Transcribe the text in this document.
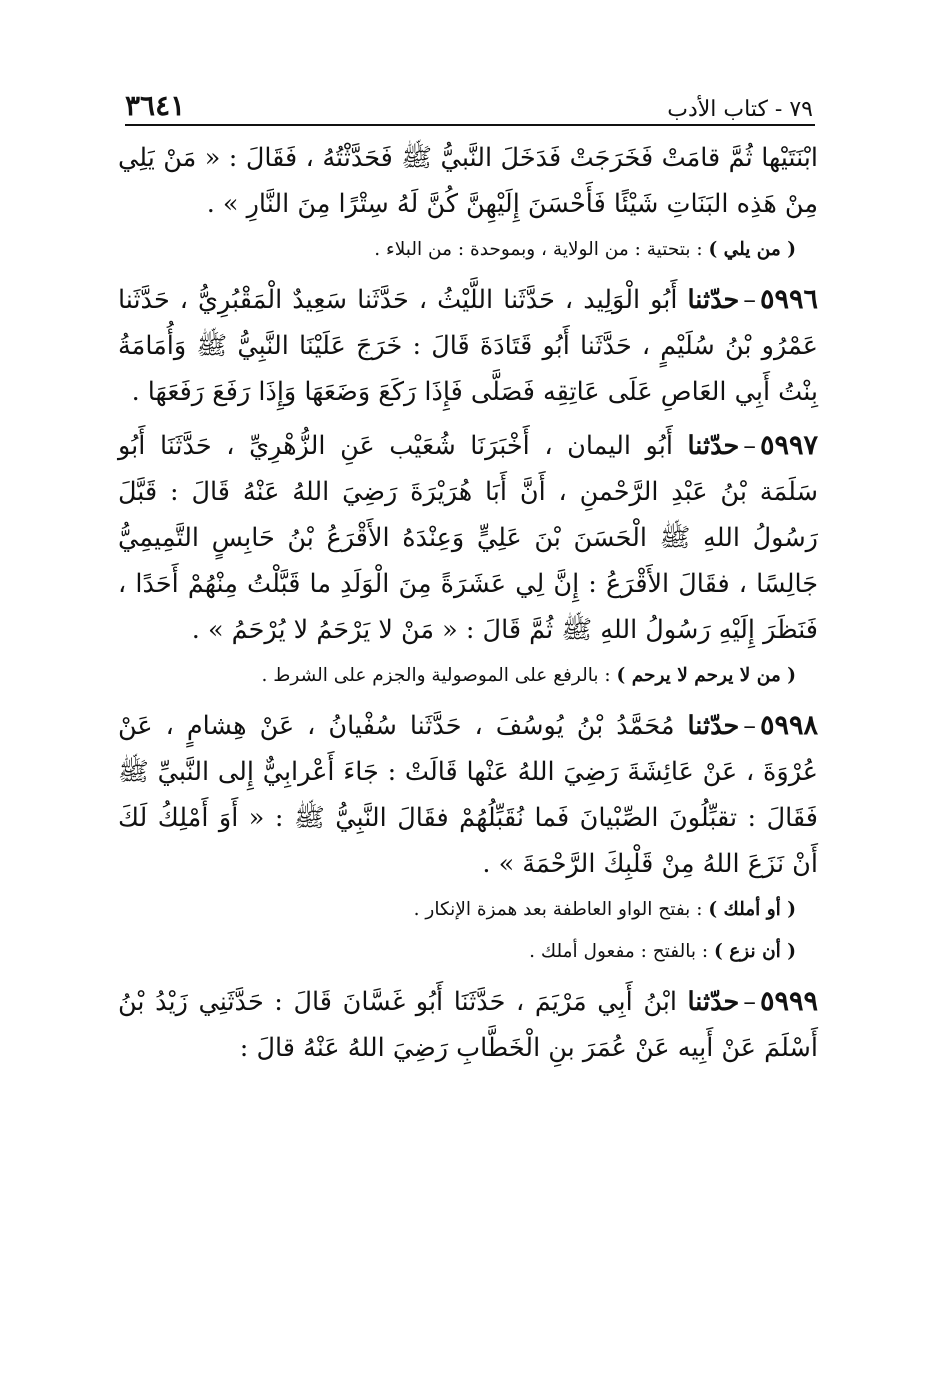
٣٦٤١	٧٩ - كتاب الأدب

ابْنَتَيْها ثُمَّ قامَتْ فَخَرَجَتْ فَدَخَلَ النَّبيُّ ﷺ فَحَدَّثْتُهُ ، فَقَالَ : « مَنْ يَلِي مِنْ هَذِه البَنَاتِ شَيْئًا فَأَحْسَنَ إِلَيْهِنَّ كُنَّ لَهُ سِتْرًا مِنَ النَّارِ » .

( من يلي ) : بتحتية : من الولاية ، وبموحدة : من البلاء .

٥٩٩٦–حدّثنا أَبُو الْوَلِيد ، حَدَّثَنا اللَّيْثُ ، حَدَّثَنا سَعِيدٌ الْمَقْبُرِيُّ ، حَدَّثَنا عَمْرُو بْنُ سُلَيْمٍ ، حَدَّثَنا أَبُو قَتَادَةَ قَالَ : خَرَجَ عَلَيْنَا النَّبِيُّ ﷺ وَأُمَامَةُ بِنْتُ أَبِي العَاصِ عَلَى عَاتِقِه فَصَلَّى فَإِذَا رَكَعَ وَضَعَهَا وَإِذَا رَفَعَ رَفَعَهَا .

٥٩٩٧–حدّثنا أَبُو اليمان ، أَخْبَرَنَا شُعَيْب عَنِ الزُّهْرِيِّ ، حَدَّثَنَا أَبُو سَلَمَة بْنُ عَبْدِ الرَّحْمنِ ، أَنَّ أَبَا هُرَيْرَةَ رَضِيَ اللهُ عَنْهُ قَالَ : قَبَّلَ رَسُولُ اللهِ ﷺ الْحَسَنَ بْنَ عَلِيٍّ وَعِنْدَهُ الأَقْرَعُ بْنُ حَابِسٍ التَّمِيمِيُّ جَالِسًا ، فقَالَ الأَقْرَعُ : إِنَّ لِي عَشَرَةً مِنَ الْوَلَدِ ما قَبَّلْتُ مِنْهُمْ أَحَدًا ، فَنَظَرَ إِلَيْهِ رَسُولُ اللهِ ﷺ ثُمَّ قَالَ : « مَنْ لا يَرْحَمُ لا يُرْحَمُ » .

( من لا يرحم لا يرحم ) : بالرفع على الموصولية والجزم على الشرط .

٥٩٩٨–حدّثنا مُحَمَّدُ بْنُ يُوسُفَ ، حَدَّثَنا سُفْيانُ ، عَنْ هِشامٍ ، عَنْ عُرْوَةَ ، عَنْ عَائِشَةَ رَضِيَ اللهُ عَنْها قَالَتْ : جَاءَ أَعْرابِيٌّ إِلى النَّبيِّ ﷺ فَقَالَ : تقبِّلُونَ الصِّبْيانَ فَما نُقَبِّلُهُمْ فقَالَ النَّبِيُّ ﷺ : « أَوَ أَمْلِكُ لَكَ أَنْ نَزَعَ اللهُ مِنْ قَلْبِكَ الرَّحْمَةَ » .

( أو أملك ) : بفتح الواو العاطفة بعد همزة الإنكار .

( أن نزع ) : بالفتح : مفعول أملك .

٥٩٩٩–حدّثنا ابْنُ أَبِي مَرْيَمَ ، حَدَّثَنَا أَبُو غَسَّانَ قَالَ : حَدَّثَنِي زَيْدُ بْنُ أَسْلَمَ عَنْ أَبِيه عَنْ عُمَرَ بنِ الْخَطَّابِ رَضِيَ اللهُ عَنْهُ قالَ :
